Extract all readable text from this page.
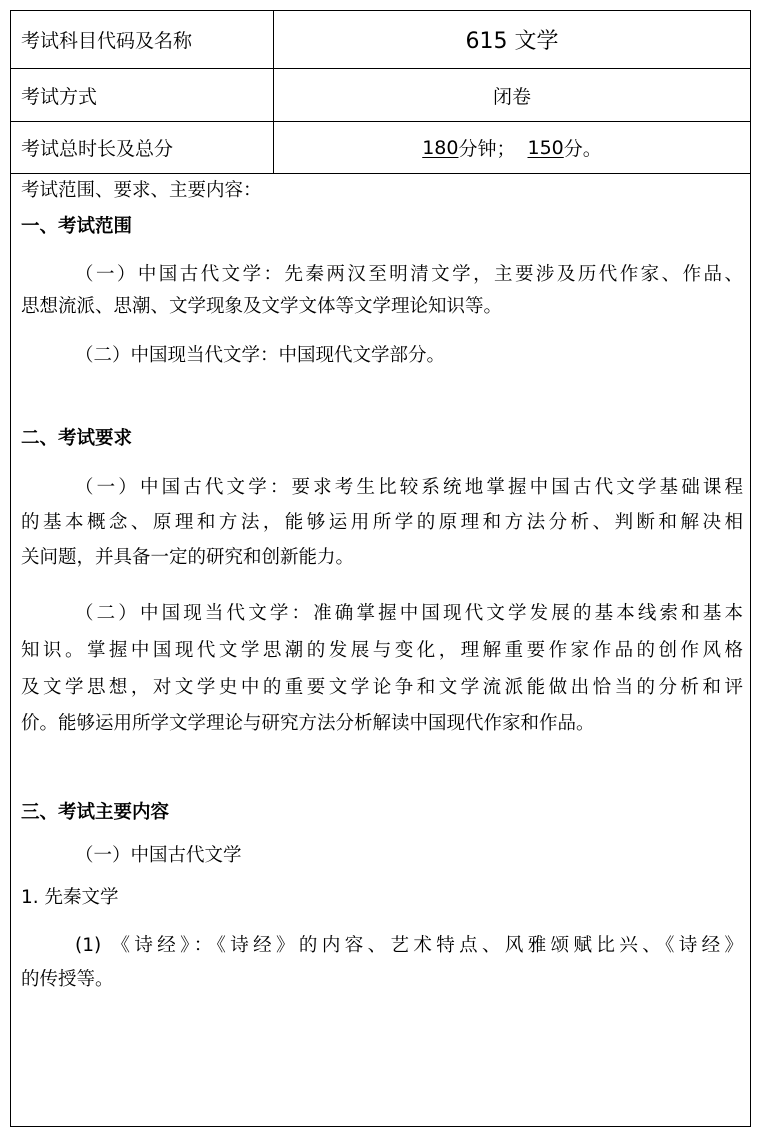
考试科目代码及名称	615 文学
考试方式	闭卷
考试总时长及总分	180 分钟； 150 分。
考试范围、要求、主要内容：
一、考试范围
（一）中国古代文学：先秦两汉至明清文学，主要涉及历代作家、作品、
思想流派、思潮、文学现象及文学文体等文学理论知识等。
（二）中国现当代文学：中国现代文学部分。
二、考试要求
（一）中国古代文学：要求考生比较系统地掌握中国古代文学基础课程
的基本概念、原理和方法，能够运用所学的原理和方法分析、判断和解决相
关问题，并具备一定的研究和创新能力。
（二）中国现当代文学：准确掌握中国现代文学发展的基本线索和基本
知识。掌握中国现代文学思潮的发展与变化，理解重要作家作品的创作风格
及文学思想，对文学史中的重要文学论争和文学流派能做出恰当的分析和评
价。能够运用所学文学理论与研究方法分析解读中国现代作家和作品。
三、考试主要内容
（一）中国古代文学
1. 先秦文学
(1) 《诗经》：《诗经》的内容、艺术特点、风雅颂赋比兴、《诗经》
的传授等。
